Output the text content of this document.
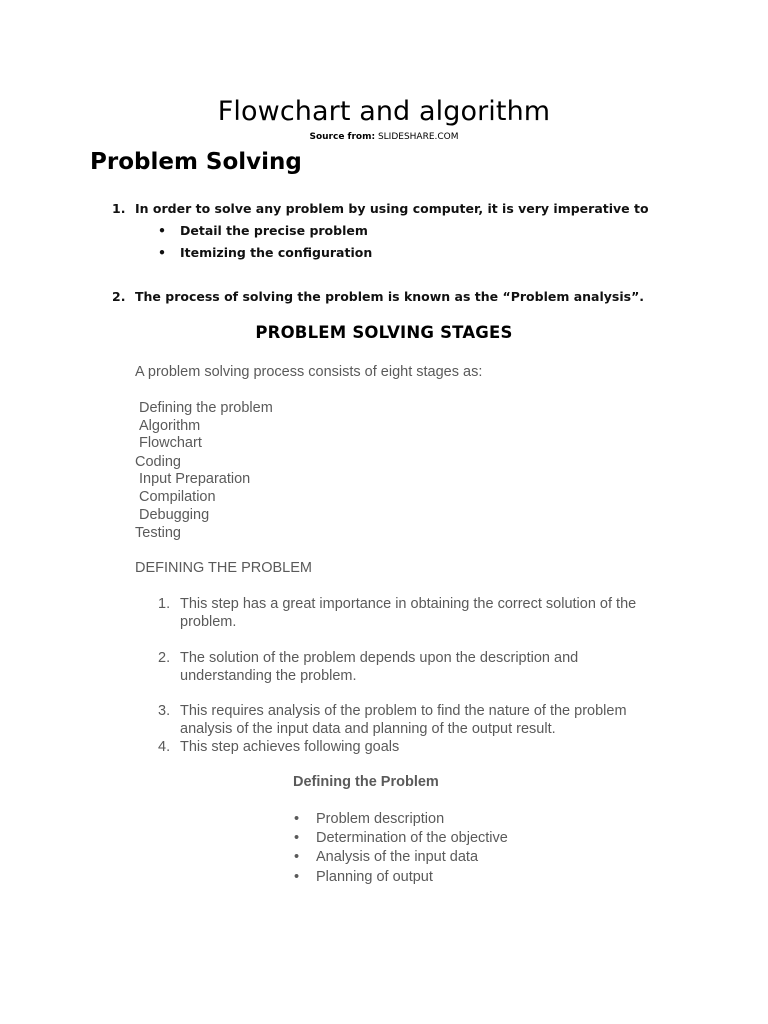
Flowchart and algorithm
Source from: SLIDESHARE.COM
Problem Solving
1. In order to solve any problem by using computer, it is very imperative to
• Detail the precise problem
• Itemizing the configuration
2. The process of solving the problem is known as the “Problem analysis”.
PROBLEM SOLVING STAGES
A problem solving process consists of eight stages as:
Defining the problem
Algorithm
Flowchart
Coding
Input Preparation
Compilation
Debugging
Testing
DEFINING THE PROBLEM
1. This step has a great importance in obtaining the correct solution of the
problem.
2. The solution of the problem depends upon the description and
understanding the problem.
3. This requires analysis of the problem to find the nature of the problem
analysis of the input data and planning of the output result.
4. This step achieves following goals
Defining the Problem
• Problem description
• Determination of the objective
• Analysis of the input data
• Planning of output
